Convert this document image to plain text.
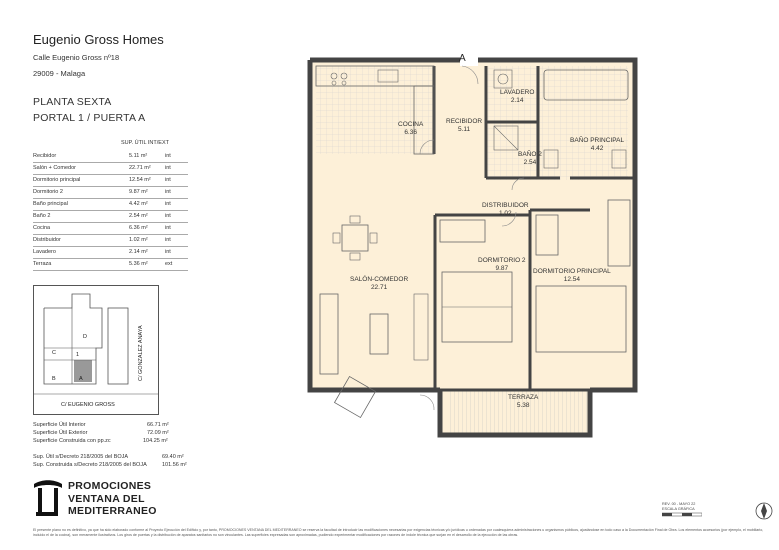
Eugenio Gross Homes
Calle Eugenio Gross nº18
29009 - Malaga
PLANTA SEXTA
PORTAL 1 / PUERTA A
SUP. ÚTIL INT/EXT
Recibidor	5.11 m²	int
Salón + Comedor	22.71 m²	int
Dormitorio principal	12.54 m²	int
Dormitorio 2	9.87 m²	int
Baño principal	4.42 m²	int
Baño 2	2.54 m²	int
Cocina	6.36 m²	int
Distribuidor	1.02 m²	int
Lavadero	2.14 m²	int
Terraza	5.36 m²	ext
D
C	1
B	A	C/ GONZALEZ ANAYA
C/ EUGENIO GROSS
Superficie Útil Interior	66.71 m²
Superficie Útil Exterior	72.09 m²
Superficie Construida con pp.zc	104.25 m²
Sup. Útil s/Decreto 218/2005 del BOJA	69.40 m²
Sup. Construida s/Decreto 218/2005 del BOJA	101.56 m²
PROMOCIONES
VENTANA DEL
MEDITERRANEO
A
COCINA
6.36
RECIBIDOR
5.11
LAVADERO
2.14
BAÑO 2
2.54
BAÑO PRINCIPAL
4.42
DISTRIBUIDOR
1.02
SALÓN-COMEDOR
22.71
DORMITORIO 2
9.87	DORMITORIO PRINCIPAL
12.54
TERRAZA
5.38
REV. 00 - MAYO 22
ESCALA GRÁFICA
El presente plano no es definitivo, ya que ha sido elaborado conforme al Proyecto Ejecución del Edificio y, por tanto, PROMOCIONES VENTANA DEL MEDITERRANEO se reserva la facultad de introducir las modificaciones necesarias por exigencias técnicas y/o jurídicas u ordenadas por cualesquiera administraciones u organismos públicos, ajustándose en todo caso a la Documentación Final de Obra. Los elementos accesorios (por ejemplo, el mobiliario, incluido el de la cocina), son meramente ilustrativos. Los giros de puertas y la distribución de aparatos sanitarios no son vinculantes. Las superficies expresadas son aproximadas, pudiendo experimentar modificaciones por razones de índole técnica que surjan en el desarrollo de la ejecución de las obras.
